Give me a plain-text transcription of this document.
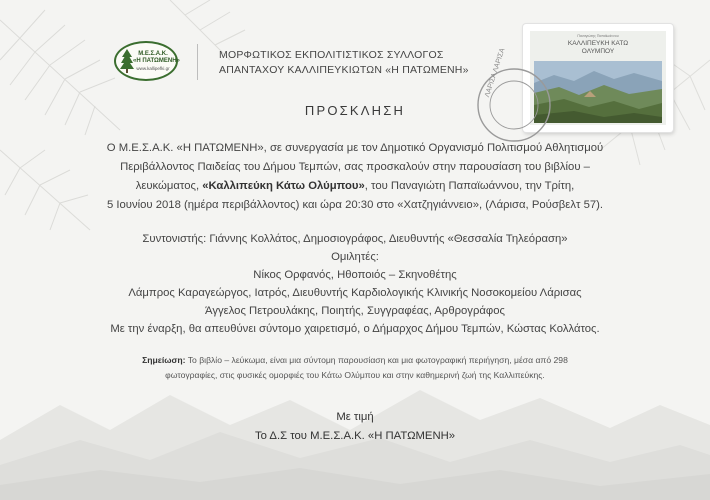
Μ.Ε.Σ.Α.Κ.
«Η ΠΑΤΩΜΕΝΗ»
www.kallipefki.gr
ΜΟΡΦΩΤΙΚΟΣ ΕΚΠΟΛΙΤΙΣΤΙΚΟΣ ΣΥΛΛΟΓΟΣ
ΑΠΑΝΤΑΧΟΥ ΚΑΛΛΙΠΕΥΚΙΩΤΩΝ «Η ΠΑΤΩΜΕΝΗ»
Παναγιώτης Παπαϊωάννου
ΚΑΛΛΙΠΕΥΚΗ ΚΑΤΩ
ΟΛΥΜΠΟΥ
ΛΑΡΙΣΑ ΛΑΡΙΣΑ
ΠΡΟΣΚΛΗΣΗ
Ο Μ.Ε.Σ.Α.Κ. «Η ΠΑΤΩΜΕΝΗ», σε συνεργασία με τον Δημοτικό Οργανισμό Πολιτισμού Αθλητισμού
Περιβάλλοντος Παιδείας του Δήμου Τεμπών, σας προσκαλούν στην παρουσίαση του βιβλίου –
λευκώματος, «Καλλιπεύκη Κάτω Ολύμπου», του Παναγιώτη Παπαϊωάννου, την Τρίτη,
5 Ιουνίου 2018 (ημέρα περιβάλλοντος) και ώρα 20:30 στο «Χατζηγιάννειο», (Λάρισα, Ρούσβελτ 57).
Συντονιστής: Γιάννης Κολλάτος, Δημοσιογράφος, Διευθυντής «Θεσσαλία Τηλεόραση»
Ομιλητές:
Νίκος Ορφανός, Ηθοποιός – Σκηνοθέτης
Λάμπρος Καραγεώργος, Ιατρός, Διευθυντής Καρδιολογικής Κλινικής Νοσοκομείου Λάρισας
Άγγελος Πετρουλάκης, Ποιητής, Συγγραφέας, Αρθρογράφος
Με την έναρξη, θα απευθύνει σύντομο χαιρετισμό, ο Δήμαρχος Δήμου Τεμπών, Κώστας Κολλάτος.
Σημείωση: Το βιβλίο – λεύκωμα, είναι μια σύντομη παρουσίαση και μια φωτογραφική περιήγηση, μέσα από 298
φωτογραφίες, στις φυσικές ομορφιές του Κάτω Ολύμπου και στην καθημερινή ζωή της Καλλιπεύκης.
Με τιμή
Το Δ.Σ του Μ.Ε.Σ.Α.Κ. «Η ΠΑΤΩΜΕΝΗ»
